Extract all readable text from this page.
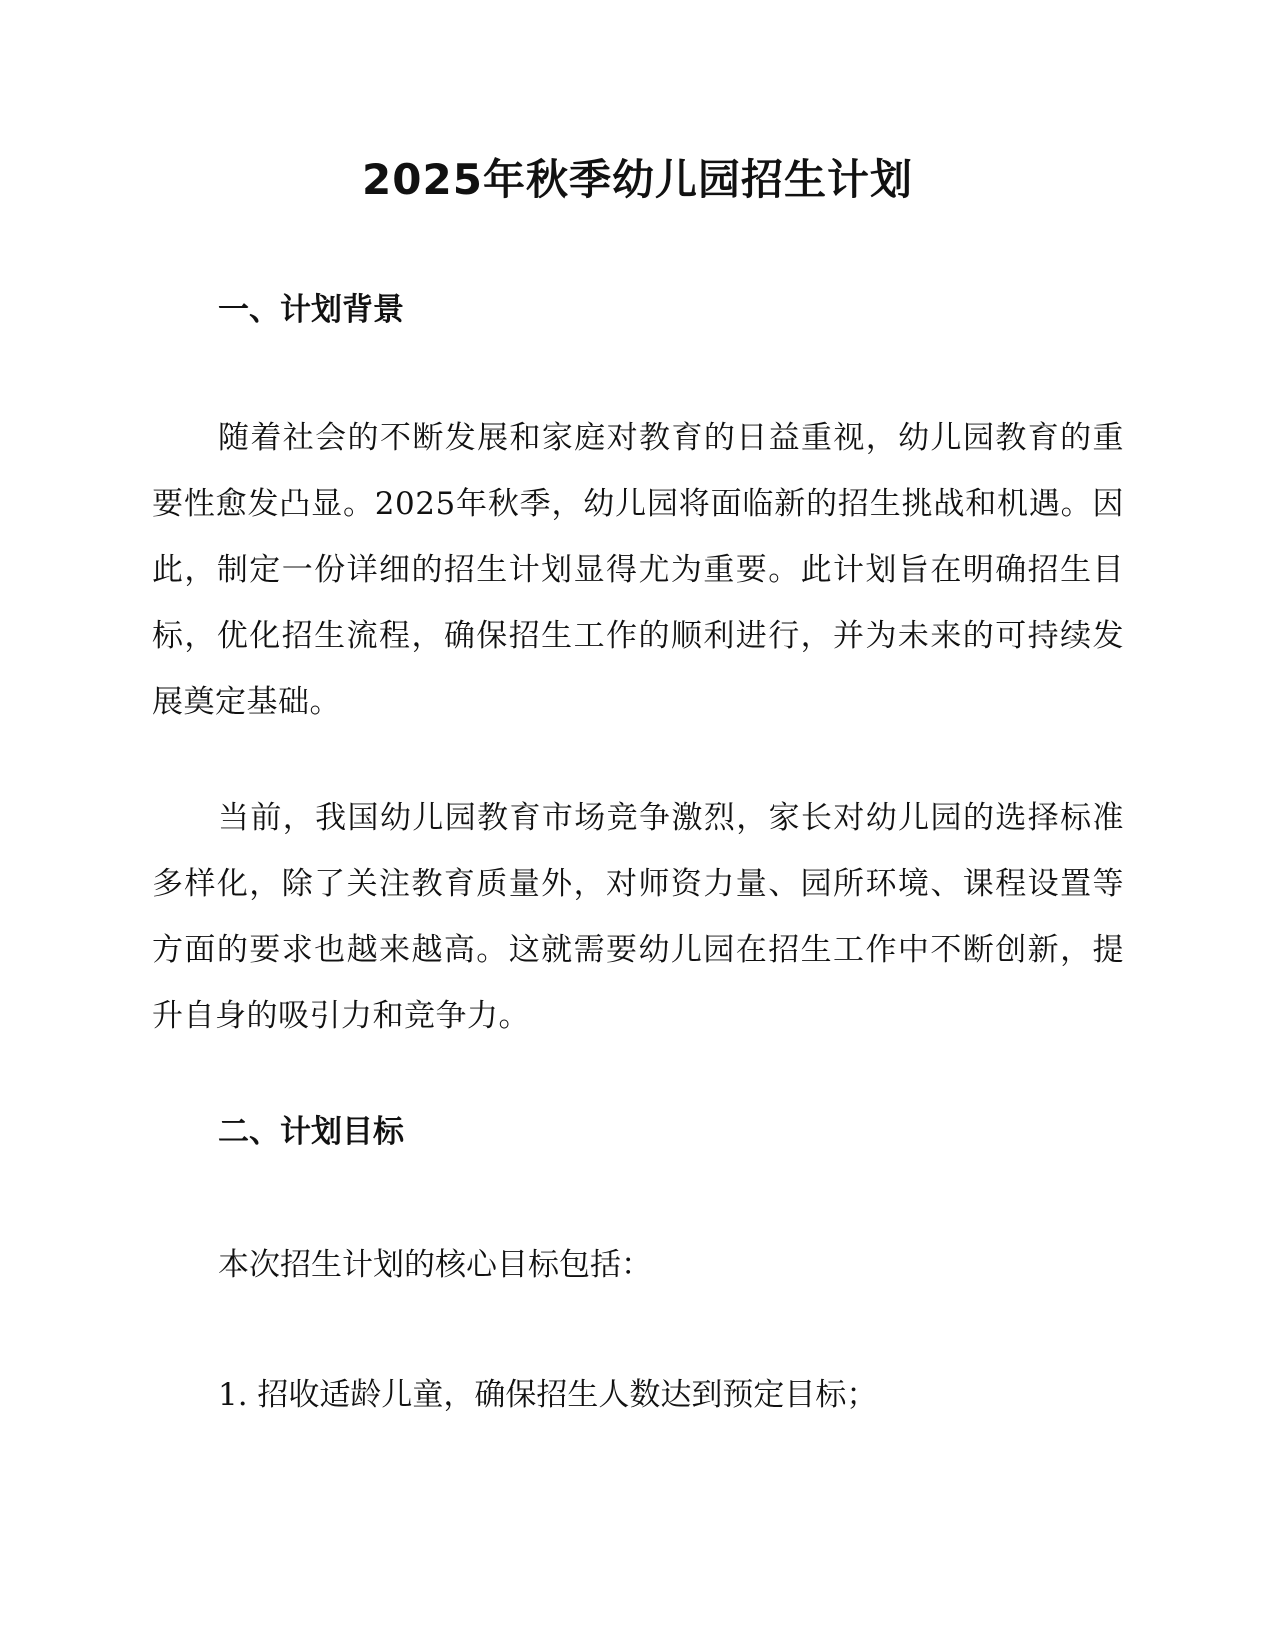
2025年秋季幼儿园招生计划
一、计划背景

随着社会的不断发展和家庭对教育的日益重视，幼儿园教育的重要性愈发凸显。2025年秋季，幼儿园将面临新的招生挑战和机遇。因此，制定一份详细的招生计划显得尤为重要。此计划旨在明确招生目标，优化招生流程，确保招生工作的顺利进行，并为未来的可持续发展奠定基础。

当前，我国幼儿园教育市场竞争激烈，家长对幼儿园的选择标准多样化，除了关注教育质量外，对师资力量、园所环境、课程设置等方面的要求也越来越高。这就需要幼儿园在招生工作中不断创新，提升自身的吸引力和竞争力。

二、计划目标

本次招生计划的核心目标包括：

1. 招收适龄儿童，确保招生人数达到预定目标；
